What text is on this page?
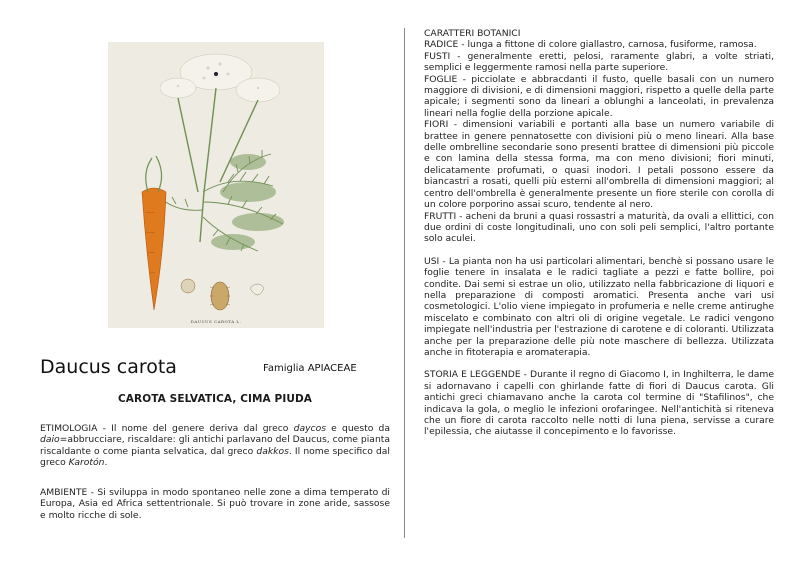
DAUCUS CAROTA L.
Daucus carota	Famiglia APIACEAE
CAROTA SELVATICA, CIMA PIUDA

ETIMOLOGIA - Il nome del genere deriva dal greco daycos e questo da daio=abbrucciare, riscaldare: gli antichi parlavano del Daucus, come pianta riscaldante o come pianta selvatica, dal greco dakkos. Il nome specifico dal greco Karotón.

AMBIENTE - Si sviluppa in modo spontaneo nelle zone a dima temperato di Europa, Asia ed Africa settentrionale. Si può trovare in zone aride, sassose e molto ricche di sole.

CARATTERI BOTANICI

RADICE - lunga a fittone di colore giallastro, carnosa, fusiforme, ramosa.

FUSTI - generalmente eretti, pelosi, raramente glabri, a volte striati, semplici e leggermente ramosi nella parte superiore.

FOGLIE - picciolate e abbracdanti il fusto, quelle basali con un numero maggiore di divisioni, e di dimensioni maggiori, rispetto a quelle della parte apicale; i segmenti sono da lineari a oblunghi a lanceolati, in prevalenza lineari nella foglie della porzione apicale.

FIORI - dimensioni variabili e portanti alla base un numero variabile di brattee in genere pennatosette con divisioni più o meno lineari. Alla base delle ombrelline secondarie sono presenti brattee di dimensioni più piccole e con lamina della stessa forma, ma con meno divisioni; fiori minuti, delicatamente profumati, o quasi inodori. I petali possono essere da biancastri a rosati, quelli più esterni all'ombrella di dimensioni maggiori; al centro dell'ombrella è generalmente presente un fiore sterile con corolla di un colore porporino assai scuro, tendente al nero.

FRUTTI - acheni da bruni a quasi rossastri a maturità, da ovali a ellittici, con due ordini di coste longitudinali, uno con soli peli semplici, l'altro portante solo aculei.

USI - La pianta non ha usi particolari alimentari, benchè si possano usare le foglie tenere in insalata e le radici tagliate a pezzi e fatte bollire, poi condite. Dai semi si estrae un olio, utilizzato nella fabbricazione di liquori e nella preparazione di composti aromatici. Presenta anche vari usi cosmetologici. L'olio viene impiegato in profumeria e nelle creme antirughe miscelato e combinato con altri oli di origine vegetale. Le radici vengono impiegate nell'industria per l'estrazione di carotene e di coloranti. Utilizzata anche per la preparazione delle più note maschere di bellezza. Utilizzata anche in fitoterapia e aromaterapia.

STORIA E LEGGENDE - Durante il regno di Giacomo I, in Inghilterra, le dame si adornavano i capelli con ghirlande fatte di fiori di Daucus carota. Gli antichi greci chiamavano anche la carota col termine di "Stafilinos", che indicava la gola, o meglio le infezioni orofaringee. Nell'antichità si riteneva che un fiore di carota raccolto nelle notti di luna piena, servisse a curare l'epilessia, che aiutasse il concepimento e lo favorisse.
